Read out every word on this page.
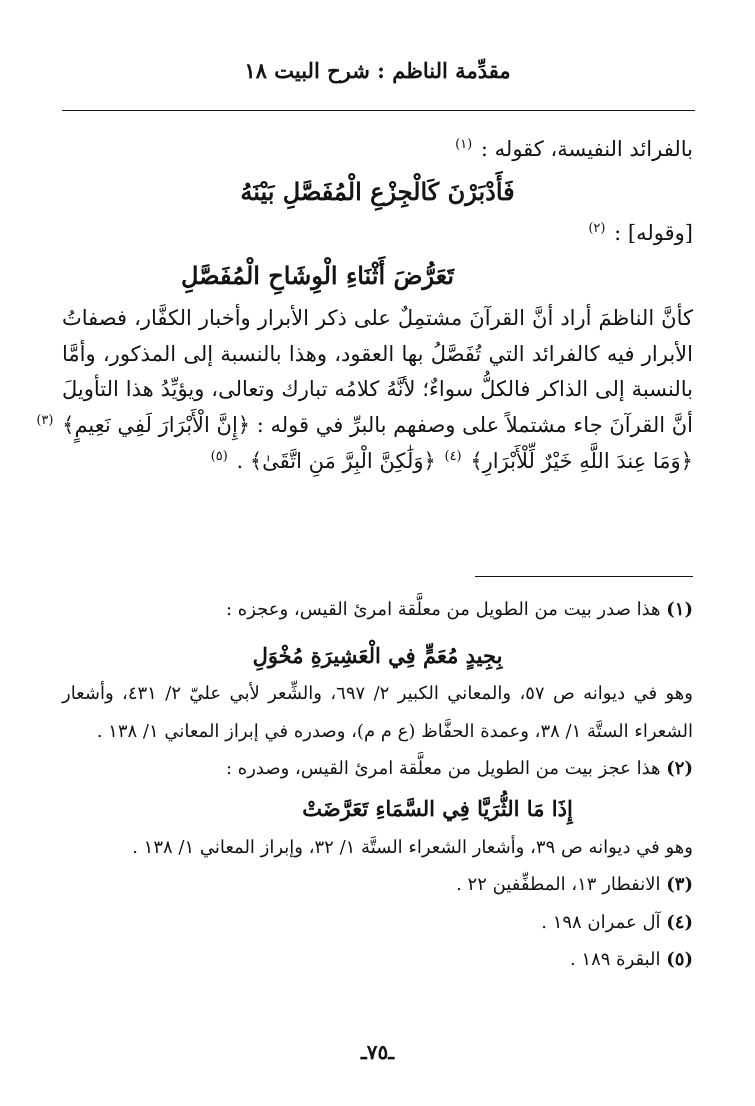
مقدِّمة الناظم : شرح البيت ١٨

بالفرائد النفيسة، كقوله : $^{(١)}$

فَأَدْبَرْنَ كَالْجِزْعِ الْمُفَصَّلِ بَيْنَهُ

[وقوله] : $^{(٢)}$

تَعَرُّضَ أَثْنَاءِ الْوِشَاحِ الْمُفَصَّلِ

كأنَّ الناظمَ أراد أنَّ القرآنَ مشتمِلٌ على ذكر الأبرار وأخبار الكفَّار، فصفاتُ

الأبرار فيه كالفرائد التي تُفَصَّلُ بها العقود، وهذا بالنسبة إلى المذكور، وأمَّا

بالنسبة إلى الذاكر فالكلُّ سواءٌ؛ لأنَّهُ كلامُه تبارك وتعالى، ويؤيِّدُ هذا التأويلَ

أنَّ القرآنَ جاء مشتملاً على وصفهم بالبرِّ في قوله : ﴿إِنَّ الْأَبْرَارَ لَفِي نَعِيمٍ﴾ $^{(٣)}$

﴿وَمَا عِندَ اللَّهِ خَيْرٌ لِّلْأَبْرَارِ﴾ $^{(٤)}$ ﴿وَلَٰكِنَّ الْبِرَّ مَنِ اتَّقَىٰ﴾ . $^{(٥)}$

(١) هذا صدر بيت من الطويل من معلَّقة امرئ القيس، وعجزه :

بِجِيدٍ مُعَمٍّ فِي الْعَشِيرَةِ مُخْوَلِ

وهو في ديوانه ص ٥٧، والمعاني الكبير ٢/ ٦٩٧، والشِّعر لأبي عليّ ٢/ ٤٣١، وأشعار

الشعراء الستَّة ١/ ٣٨، وعمدة الحفَّاظ (ع م م)، وصدره في إبراز المعاني ١/ ١٣٨ .

(٢) هذا عجز بيت من الطويل من معلَّقة امرئ القيس، وصدره :

إِذَا مَا الثُّرَيَّا فِي السَّمَاءِ تَعَرَّضَتْ

وهو في ديوانه ص ٣٩، وأشعار الشعراء الستَّة ١/ ٣٢، وإبراز المعاني ١/ ١٣٨ .

(٣) الانفطار ١٣، المطفِّفين ٢٢ .

(٤) آل عمران ١٩٨ .

(٥) البقرة ١٨٩ .

ـ٧٥ـ
